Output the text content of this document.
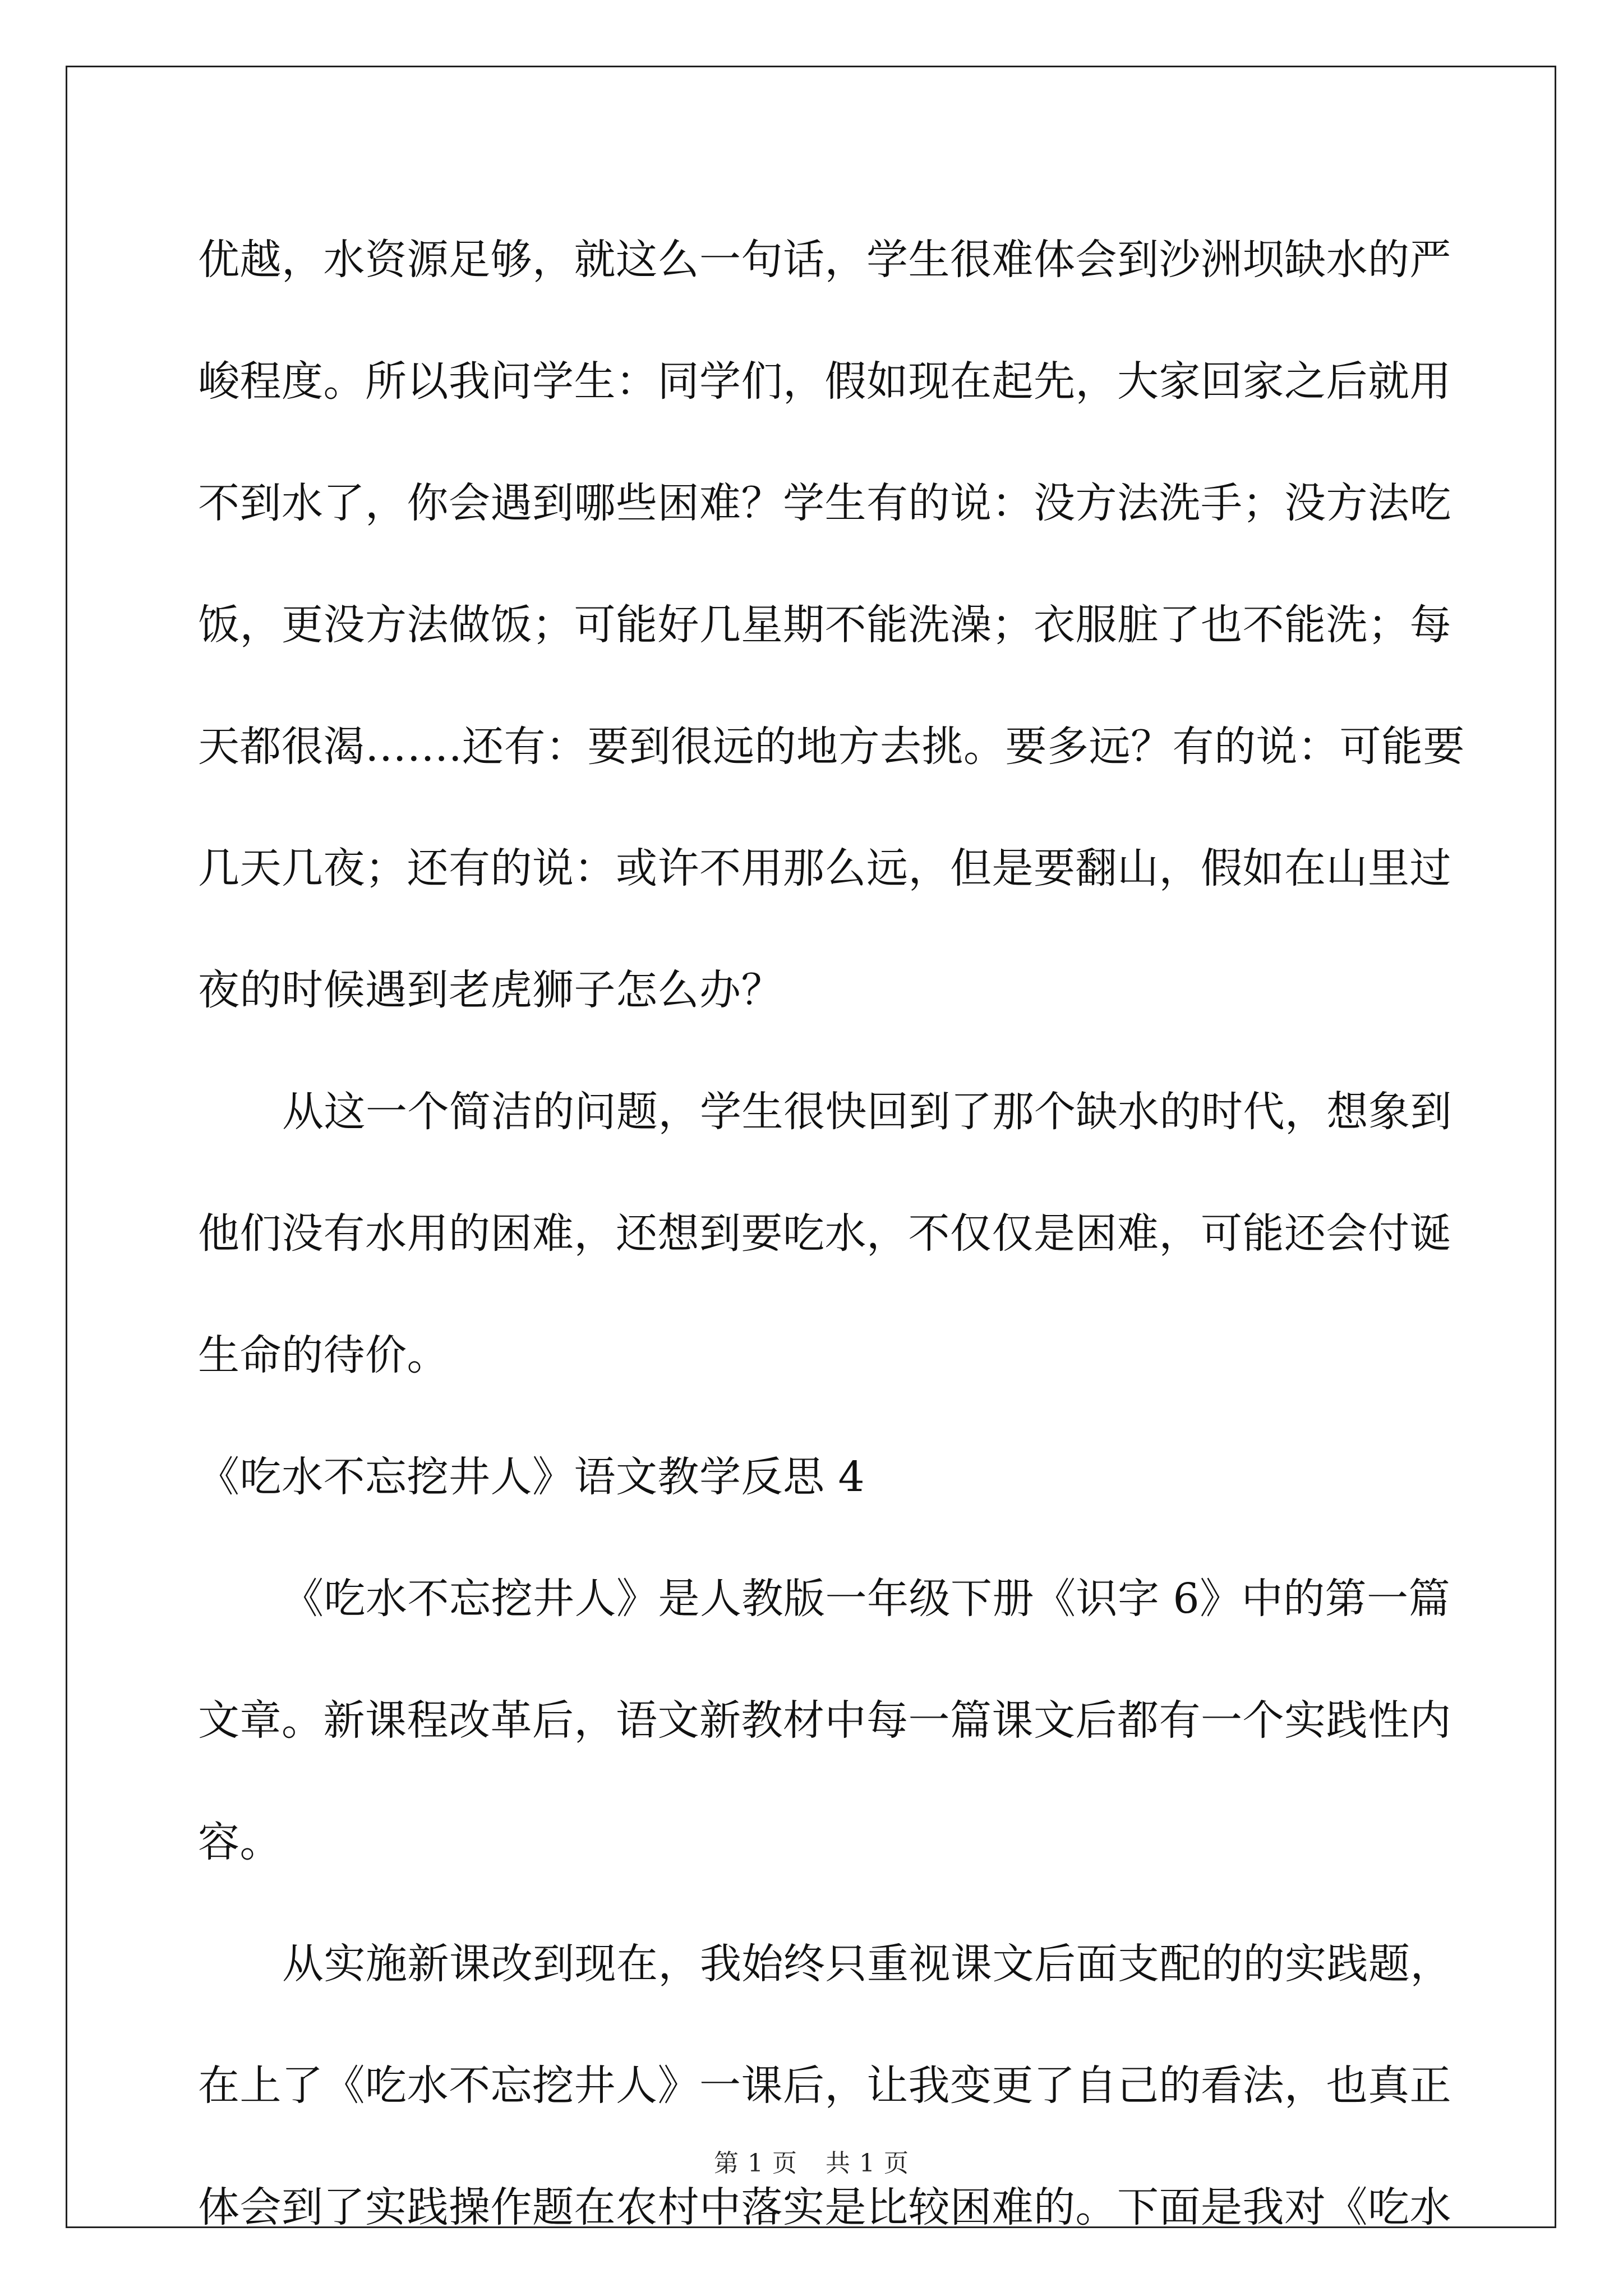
优越，水资源足够，就这么一句话，学生很难体会到沙洲坝缺水的严
峻程度。所以我问学生：同学们，假如现在起先，大家回家之后就用
不到水了，你会遇到哪些困难？学生有的说：没方法洗手；没方法吃
饭，更没方法做饭；可能好几星期不能洗澡；衣服脏了也不能洗；每
天都很渴…….还有：要到很远的地方去挑。要多远？有的说：可能要
几天几夜；还有的说：或许不用那么远，但是要翻山，假如在山里过
夜的时候遇到老虎狮子怎么办？
从这一个简洁的问题，学生很快回到了那个缺水的时代，想象到
他们没有水用的困难，还想到要吃水，不仅仅是困难，可能还会付诞
生命的待价。
《吃水不忘挖井人》语文教学反思 4
《吃水不忘挖井人》是人教版一年级下册《识字 6》中的第一篇
文章。新课程改革后，语文新教材中每一篇课文后都有一个实践性内
容。
从实施新课改到现在，我始终只重视课文后面支配的的实践题，
在上了《吃水不忘挖井人》一课后，让我变更了自己的看法，也真正
体会到了实践操作题在农村中落实是比较困难的。下面是我对《吃水
第 1 页 共 1 页
